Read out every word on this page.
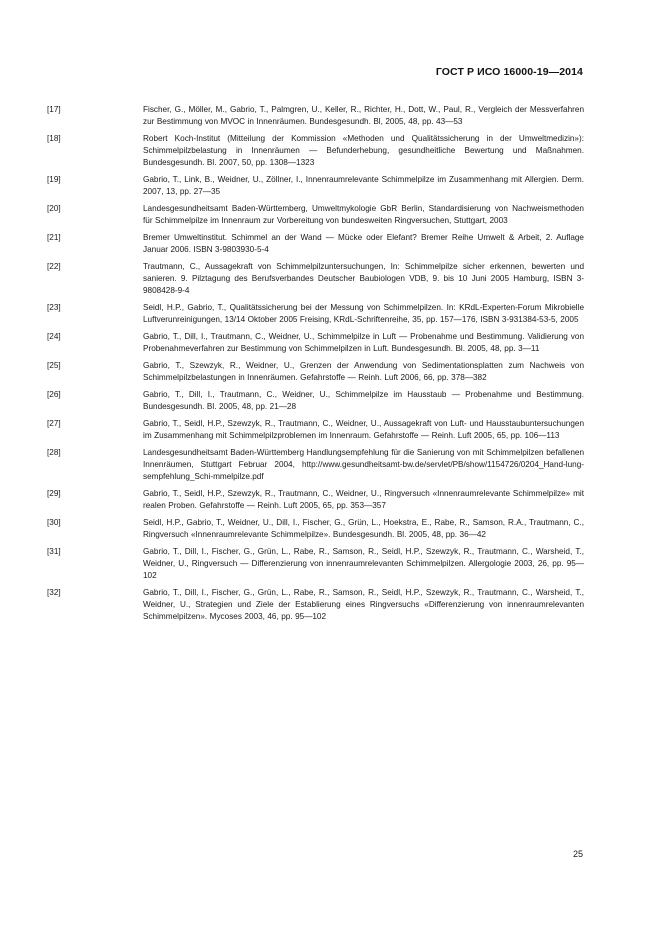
ГОСТ Р ИСО 16000-19—2014
[17]	Fischer, G., Möller, M., Gabrio, T., Palmgren, U., Keller, R., Richter, H., Dott, W., Paul, R., Vergleich der Messverfahren zur Bestimmung von MVOC in Innenräumen. Bundesgesundh. Bl, 2005, 48, pp. 43—53
[18]	Robert Koch-Institut (Mitteilung der Kommission «Methoden und Qualitätssicherung in der Umweltmedizin»): Schimmelpilzbelastung in Innenräumen — Befunderhebung, gesundheitliche Bewertung und Maßnahmen. Bundesgesundh. Bl. 2007, 50, pp. 1308—1323
[19]	Gabrio, T., Link, B., Weidner, U., Zöllner, I., Innenraumrelevante Schimmelpilze im Zusammenhang mit Allergien. Derm. 2007, 13, pp. 27—35
[20]	Landesgesundheitsamt Baden-Württemberg, Umweltmykologie GbR Berlin, Standardisierung von Nachweismethoden für Schimmelpilze im Innenraum zur Vorbereitung von bundesweiten Ringversuchen, Stuttgart, 2003
[21]	Bremer Umweltinstitut. Schimmel an der Wand — Mücke oder Elefant? Bremer Reihe Umwelt & Arbeit, 2. Auflage Januar 2006. ISBN 3-9803930-5-4
[22]	Trautmann, C., Aussagekraft von Schimmelpilzuntersuchungen, In: Schimmelpilze sicher erkennen, bewerten und sanieren. 9. Pilztagung des Berufsverbandes Deutscher Baubiologen VDB, 9. bis 10 Juni 2005 Hamburg, ISBN 3-9808428-9-4
[23]	Seidl, H.P., Gabrio, T., Qualitätssicherung bei der Messung von Schimmelpilzen. In: KRdL-Experten-Forum Mikrobielle Luftverunreinigungen, 13/14 Oktober 2005 Freising, KRdL-Schriftenreihe, 35, pp. 157—176, ISBN 3-931384-53-5, 2005
[24]	Gabrio, T., Dill, I., Trautmann, C., Weidner, U., Schimmelpilze in Luft — Probenahme und Bestimmung. Validierung von Probenahmeverfahren zur Bestimmung von Schimmelpilzen in Luft. Bundesgesundh. Bl. 2005, 48, pp. 3—11
[25]	Gabrio, T., Szewzyk, R., Weidner, U., Grenzen der Anwendung von Sedimentationsplatten zum Nachweis von Schimmelpilzbelastungen in Innenräumen. Gefahrstoffe — Reinh. Luft 2006, 66, pp. 378—382
[26]	Gabrio, T., Dill, I., Trautmann, C., Weidner, U., Schimmelpilze im Hausstaub — Probenahme und Bestimmung. Bundesgesundh. Bl. 2005, 48, pp. 21—28
[27]	Gabrio, T., Seidl, H.P., Szewzyk, R., Trautmann, C., Weidner, U., Aussagekraft von Luft- und Hausstaubuntersuchungen im Zusammenhang mit Schimmelpilzproblemen im Innenraum. Gefahrstoffe — Reinh. Luft 2005, 65, pp. 106—113
[28]	Landesgesundheitsamt Baden-Württemberg Handlungsempfehlung für die Sanierung von mit Schimmelpilzen befallenen Innenräumen, Stuttgart Februar 2004, http://www.gesundheitsamt-bw.de/servlet/PB/show/1154726/0204_Hand-lung-sempfehlung_Schi-mmelpilze.pdf
[29]	Gabrio, T., Seidl, H.P., Szewzyk, R., Trautmann, C., Weidner, U., Ringversuch «Innenraumrelevante Schimmelpilze» mit realen Proben. Gefahrstoffe — Reinh. Luft 2005, 65, pp. 353—357
[30]	Seidl, H.P., Gabrio, T., Weidner, U., Dill, I., Fischer, G., Grün, L., Hoekstra, E., Rabe, R., Samson, R.A., Trautmann, C., Ringversuch «Innenraumrelevante Schimmelpilze». Bundesgesundh. Bl. 2005, 48, pp. 36—42
[31]	Gabrio, T., Dill, I., Fischer, G., Grün, L., Rabe, R., Samson, R., Seidl, H.P., Szewzyk, R., Trautmann, C., Warsheid, T., Weidner, U., Ringversuch — Differenzierung von innenraumrelevanten Schimmelpilzen. Allergologie 2003, 26, pp. 95—102
[32]	Gabrio, T., Dill, I., Fischer, G., Grün, L., Rabe, R., Samson, R., Seidl, H.P., Szewzyk, R., Trautmann, C., Warsheid, T., Weidner, U., Strategien und Ziele der Establierung eines Ringversuchs «Differenzierung von innenraumrelevanten Schimmelpilzen». Mycoses 2003, 46, pp. 95—102
25
